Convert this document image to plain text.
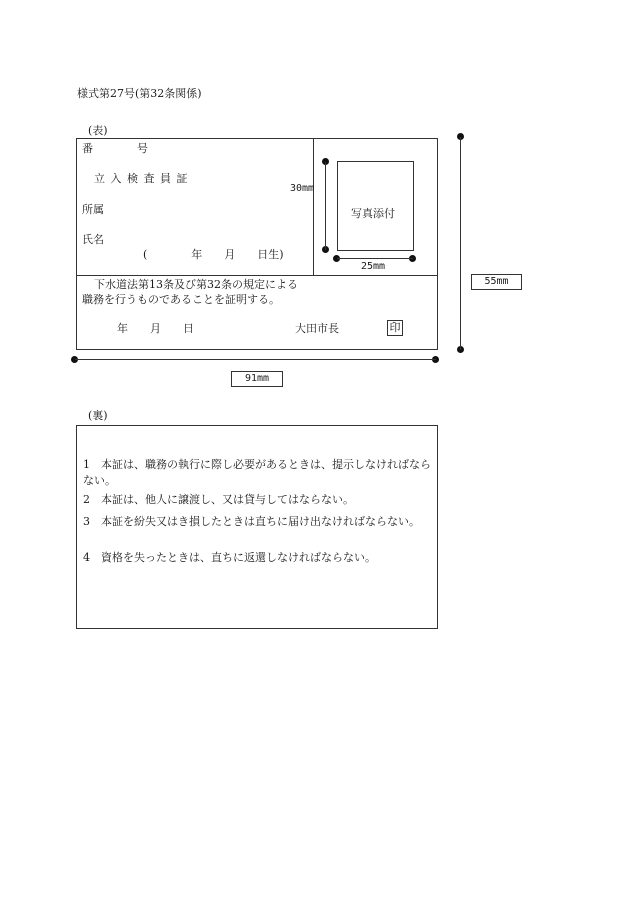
様式第27号(第32条関係)
(表)
番　　　　号
立 入 検 査 員 証
所属
氏名
(　　　　年　　月　　日生)
写真添付
30mm
25mm
下水道法第13条及び第32条の規定による
職務を行うものであることを証明する。
年　　月　　日	大田市長	印
55mm
91mm
(裏)
1　本証は、職務の執行に際し必要があるときは、提示しなければならない。
2　本証は、他人に譲渡し、又は貸与してはならない。
3　本証を紛失又はき損したときは直ちに届け出なければならない。
4　資格を失ったときは、直ちに返還しなければならない。
